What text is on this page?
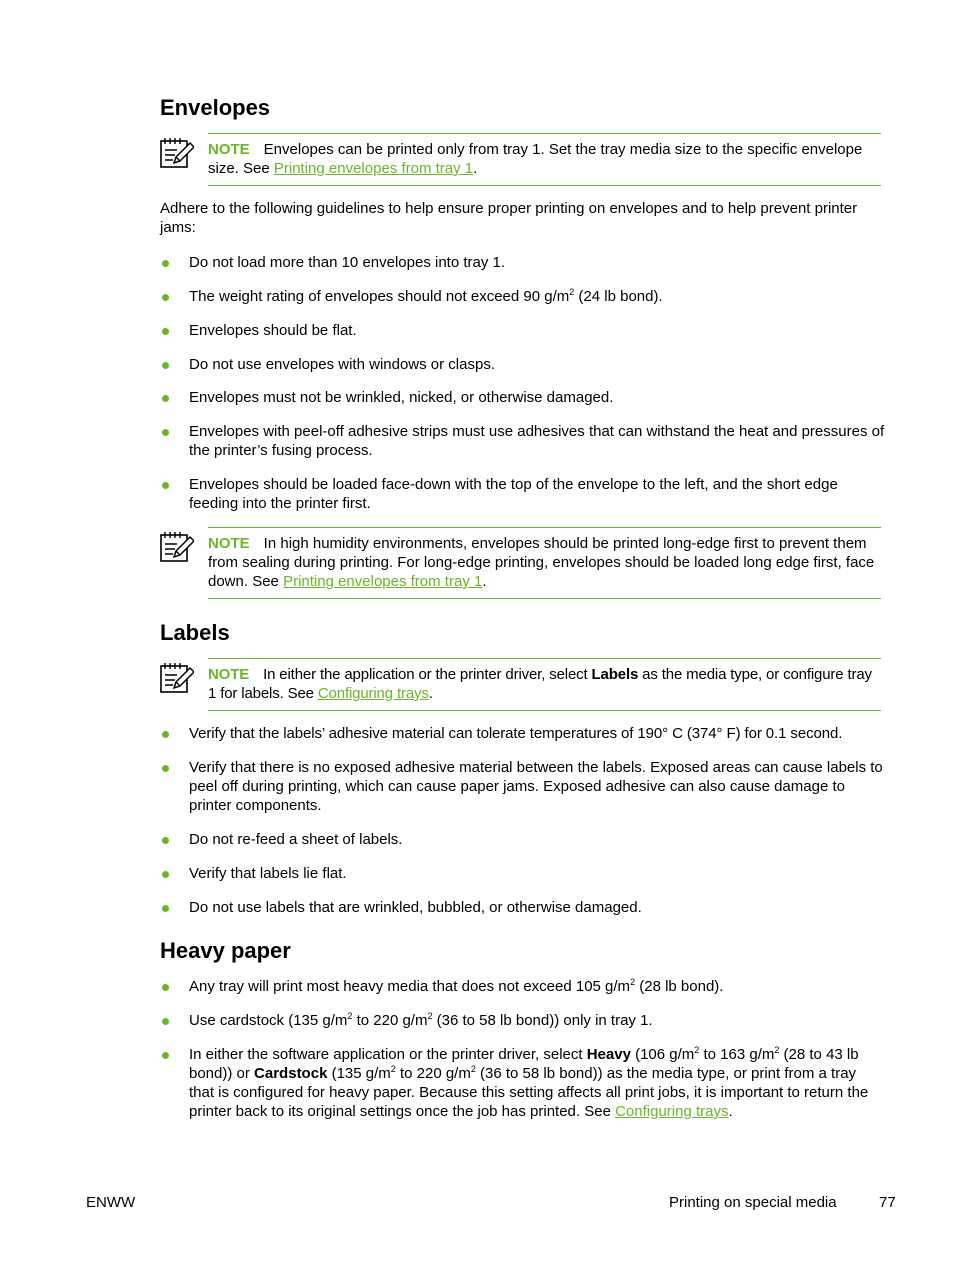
Envelopes
NOTE Envelopes can be printed only from tray 1. Set the tray media size to the specific envelope size. See Printing envelopes from tray 1.
Adhere to the following guidelines to help ensure proper printing on envelopes and to help prevent printer jams:
Do not load more than 10 envelopes into tray 1.
The weight rating of envelopes should not exceed 90 $g/m^2$ (24 lb bond).
Envelopes should be flat.
Do not use envelopes with windows or clasps.
Envelopes must not be wrinkled, nicked, or otherwise damaged.
Envelopes with peel-off adhesive strips must use adhesives that can withstand the heat and pressures of the printer’s fusing process.
Envelopes should be loaded face-down with the top of the envelope to the left, and the short edge feeding into the printer first.
NOTE In high humidity environments, envelopes should be printed long-edge first to prevent them from sealing during printing. For long-edge printing, envelopes should be loaded long edge first, face down. See Printing envelopes from tray 1.
Labels
NOTE In either the application or the printer driver, select Labels as the media type, or configure tray 1 for labels. See Configuring trays.
Verify that the labels’ adhesive material can tolerate temperatures of 190° C (374° F) for 0.1 second.
Verify that there is no exposed adhesive material between the labels. Exposed areas can cause labels to peel off during printing, which can cause paper jams. Exposed adhesive can also cause damage to printer components.
Do not re-feed a sheet of labels.
Verify that labels lie flat.
Do not use labels that are wrinkled, bubbled, or otherwise damaged.
Heavy paper
Any tray will print most heavy media that does not exceed 105 $g/m^2$ (28 lb bond).
Use cardstock (135 $g/m^2$ to 220 $g/m^2$ (36 to 58 lb bond)) only in tray 1.
In either the software application or the printer driver, select Heavy (106 $g/m^2$ to 163 $g/m^2$ (28 to 43 lb bond)) or Cardstock (135 $g/m^2$ to 220 $g/m^2$ (36 to 58 lb bond)) as the media type, or print from a tray that is configured for heavy paper. Because this setting affects all print jobs, it is important to return the printer back to its original settings once the job has printed. See Configuring trays.
ENWW	Printing on special media	77
